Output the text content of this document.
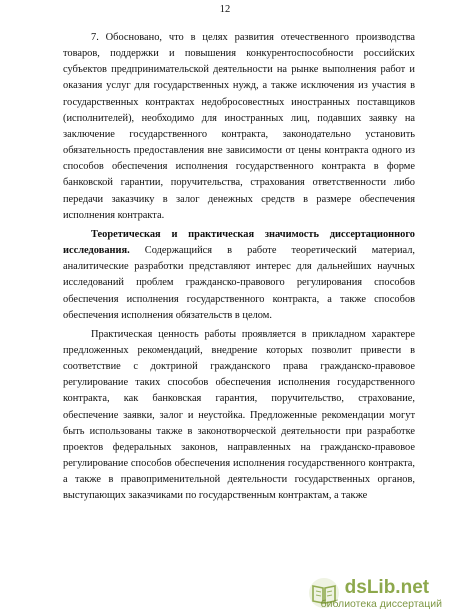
12

7. Обосновано, что в целях развития отечественного производства товаров, поддержки и повышения конкурентоспособности российских субъектов предпринимательской деятельности на рынке выполнения работ и оказания услуг для государственных нужд, а также исключения из участия в государственных контрактах недобросовестных иностранных поставщиков (исполнителей), необходимо для иностранных лиц, подавших заявку на заключение государственного контракта, законодательно установить обязательность предоставления вне зависимости от цены контракта одного из способов обеспечения исполнения государственного контракта в форме банковской гарантии, поручительства, страхования ответственности либо передачи заказчику в залог денежных средств в размере обеспечения исполнения контракта.

Теоретическая и практическая значимость диссертационного исследования. Содержащийся в работе теоретический материал, аналитические разработки представляют интерес для дальнейших научных исследований проблем гражданско-правового регулирования способов обеспечения исполнения государственного контракта, а также способов обеспечения исполнения обязательств в целом.

Практическая ценность работы проявляется в прикладном характере предложенных рекомендаций, внедрение которых позволит привести в соответствие с доктриной гражданского права гражданско-правовое регулирование таких способов обеспечения исполнения государственного контракта, как банковская гарантия, поручительство, страхование, обеспечение заявки, залог и неустойка. Предложенные рекомендации могут быть использованы также в законотворческой деятельности при разработке проектов федеральных законов, направленных на гражданско-правовое регулирование способов обеспечения исполнения государственного контракта, а также в правоприменительной деятельности государственных органов, выступающих заказчиками по государственным контрактам, а также

dsLib.net
библиотека диссертаций
